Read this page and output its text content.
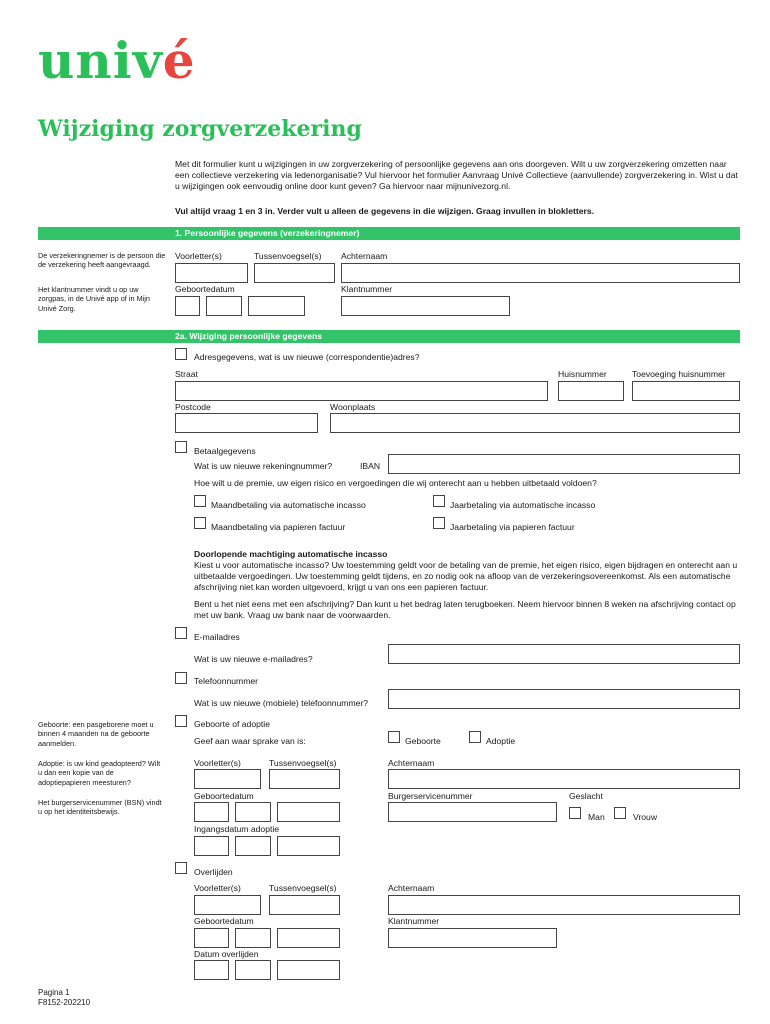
univé
Wijziging zorgverzekering
Met dit formulier kunt u wijzigingen in uw zorgverzekering of persoonlijke gegevens aan ons doorgeven. Wilt u uw zorgverzekering omzetten naar een collectieve verzekering via ledenorganisatie? Vul hiervoor het formulier Aanvraag Univé Collectieve (aanvullende) zorgverzekering in. Wist u dat u wijzigingen ook eenvoudig online door kunt geven? Ga hiervoor naar mijnunivezorg.nl.
Vul altijd vraag 1 en 3 in. Verder vult u alleen de gegevens in die wijzigen. Graag invullen in blokletters.
1. Persoonlijke gegevens (verzekeringnemer)
De verzekeringnemer is de persoon die de verzekering heeft aangevraagd.
Het klantnummer vindt u op uw zorgpas, in de Univé app of in Mijn Univé Zorg.
Voorletter(s)	Tussenvoegsel(s) Achternaam
Geboortedatum	Klantnummer
2a. Wijziging persoonlijke gegevens
Adresgegevens, wat is uw nieuwe (correspondentie)adres?
Straat	Huisnummer	Toevoeging huisnummer
Postcode	Woonplaats
Betaalgegevens
Wat is uw nieuwe rekeningnummer?	IBAN
Hoe wilt u de premie, uw eigen risico en vergoedingen die wij onterecht aan u hebben uitbetaald voldoen?
Maandbetaling via automatische incasso	Jaarbetaling via automatische incasso
Maandbetaling via papieren factuur	Jaarbetaling via papieren factuur
Doorlopende machtiging automatische incasso
Kiest u voor automatische incasso? Uw toestemming geldt voor de betaling van de premie, het eigen risico, eigen bijdragen en onterecht aan u uitbetaalde vergoedingen. Uw toestemming geldt tijdens, en zo nodig ook na afloop van de verzekeringsovereenkomst. Als een automatische afschrijving niet kan worden uitgevoerd, krijgt u van ons een papieren factuur.
Bent u het niet eens met een afschrijving? Dan kunt u het bedrag laten terugboeken. Neem hiervoor binnen 8 weken na afschrijving contact op met uw bank. Vraag uw bank naar de voorwaarden.
E-mailadres
Wat is uw nieuwe e-mailadres?
Telefoonnummer
Wat is uw nieuwe (mobiele) telefoonnummer?
Geboorte: een pasgeborene moet u binnen 4 maanden na de geboorte aanmelden.
Adoptie: is uw kind geadopteerd? Wilt u dan een kopie van de adoptiepapieren meesturen?
Het burgerservicenummer (BSN) vindt u op het identiteitsbewijs.
Geboorte of adoptie
Geef aan waar sprake van is:	Geboorte	Adoptie
Voorletter(s)	Tussenvoegsel(s)	Achternaam
Geboortedatum	Burgerservicenummer	Geslacht
Man	Vrouw
Ingangsdatum adoptie
Overlijden
Voorletter(s)	Tussenvoegsel(s)	Achternaam
Geboortedatum	Klantnummer
Datum overlijden
Pagina 1
F8152-202210
